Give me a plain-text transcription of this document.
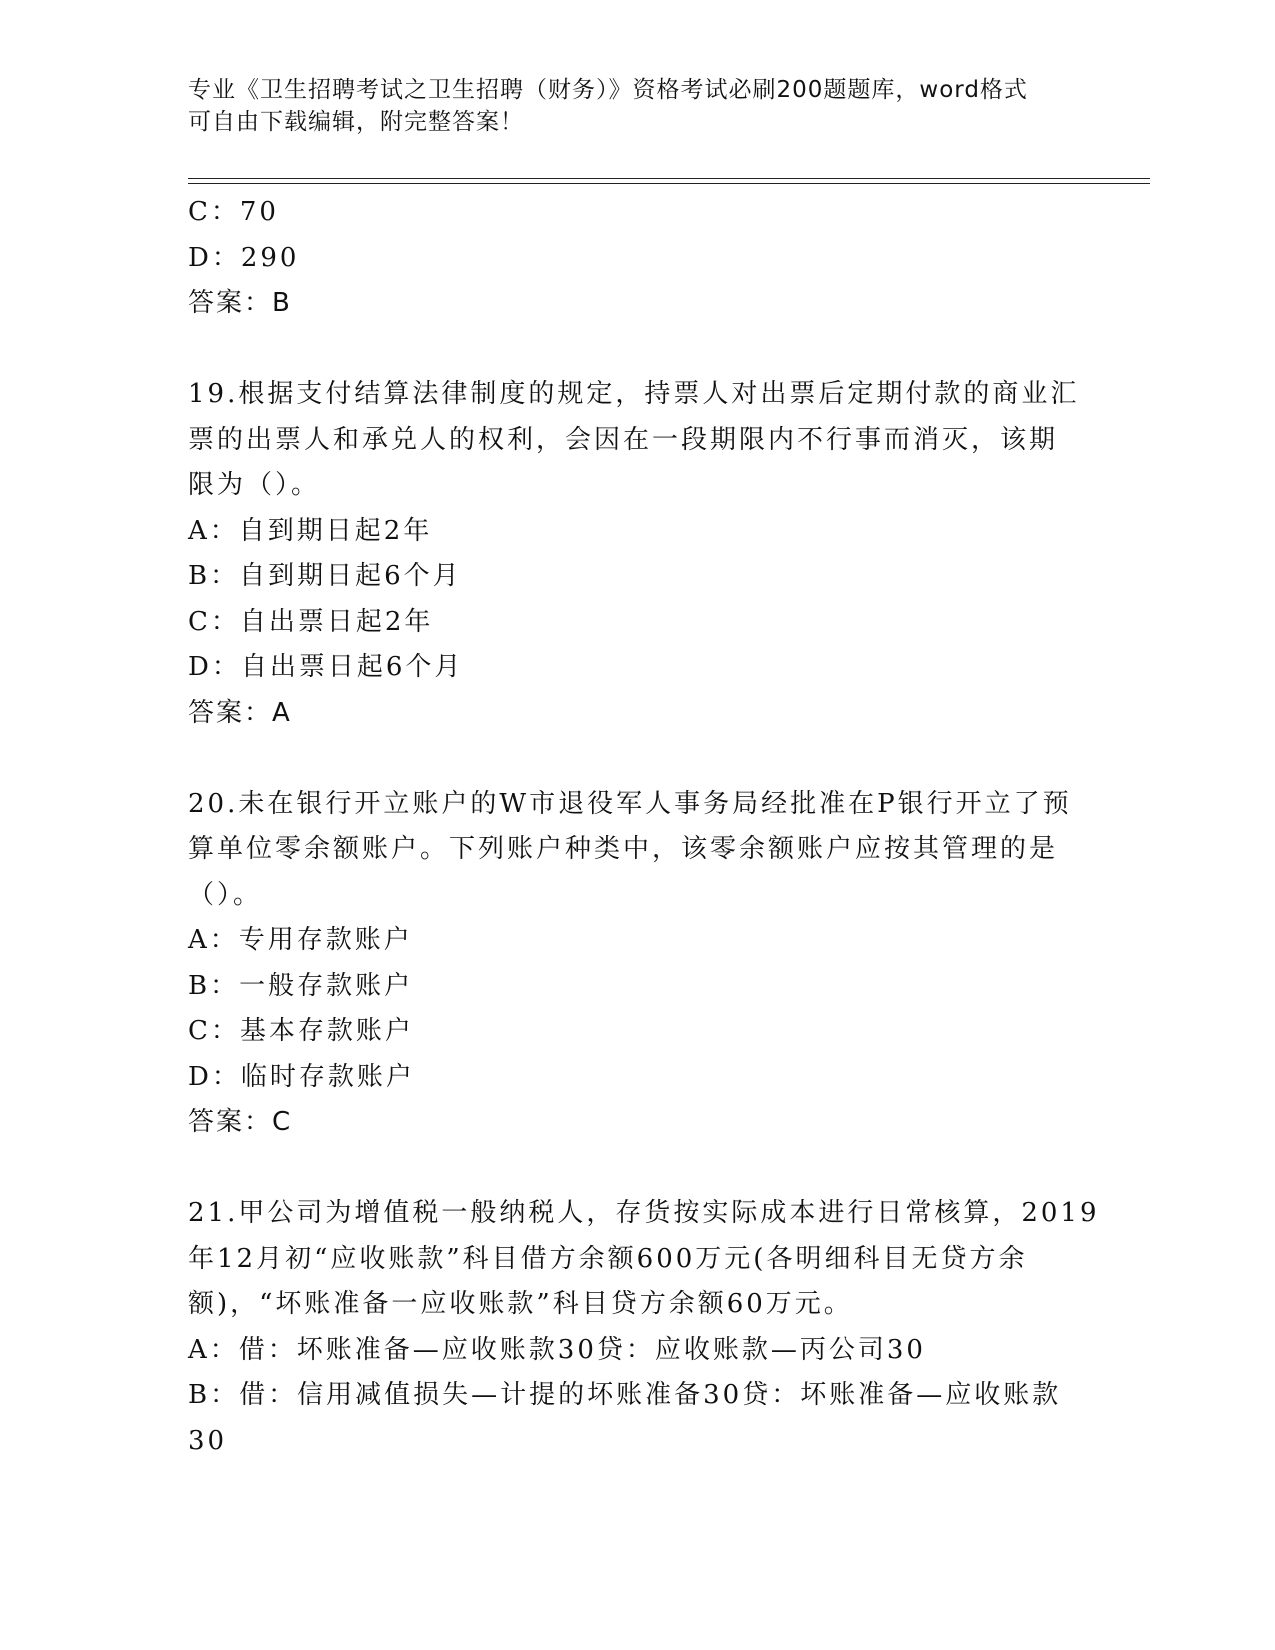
专业《卫生招聘考试之卫生招聘（财务）》资格考试必刷200题题库，word格式
可自由下载编辑，附完整答案！

C：70

D：290

答案：B

19.根据支付结算法律制度的规定，持票人对出票后定期付款的商业汇

票的出票人和承兑人的权利，会因在一段期限内不行事而消灭，该期

限为（）。

A：自到期日起2年

B：自到期日起6个月

C：自出票日起2年

D：自出票日起6个月

答案：A

20.未在银行开立账户的W市退役军人事务局经批准在P银行开立了预

算单位零余额账户。下列账户种类中，该零余额账户应按其管理的是

（）。

A：专用存款账户

B：一般存款账户

C：基本存款账户

D：临时存款账户

答案：C

21.甲公司为增值税一般纳税人，存货按实际成本进行日常核算，2019

年12月初“应收账款”科目借方余额600万元(各明细科目无贷方余

额)，“坏账准备一应收账款”科目贷方余额60万元。

A：借：坏账准备—应收账款30贷：应收账款—丙公司30

B：借：信用减值损失—计提的坏账准备30贷：坏账准备—应收账款

30
